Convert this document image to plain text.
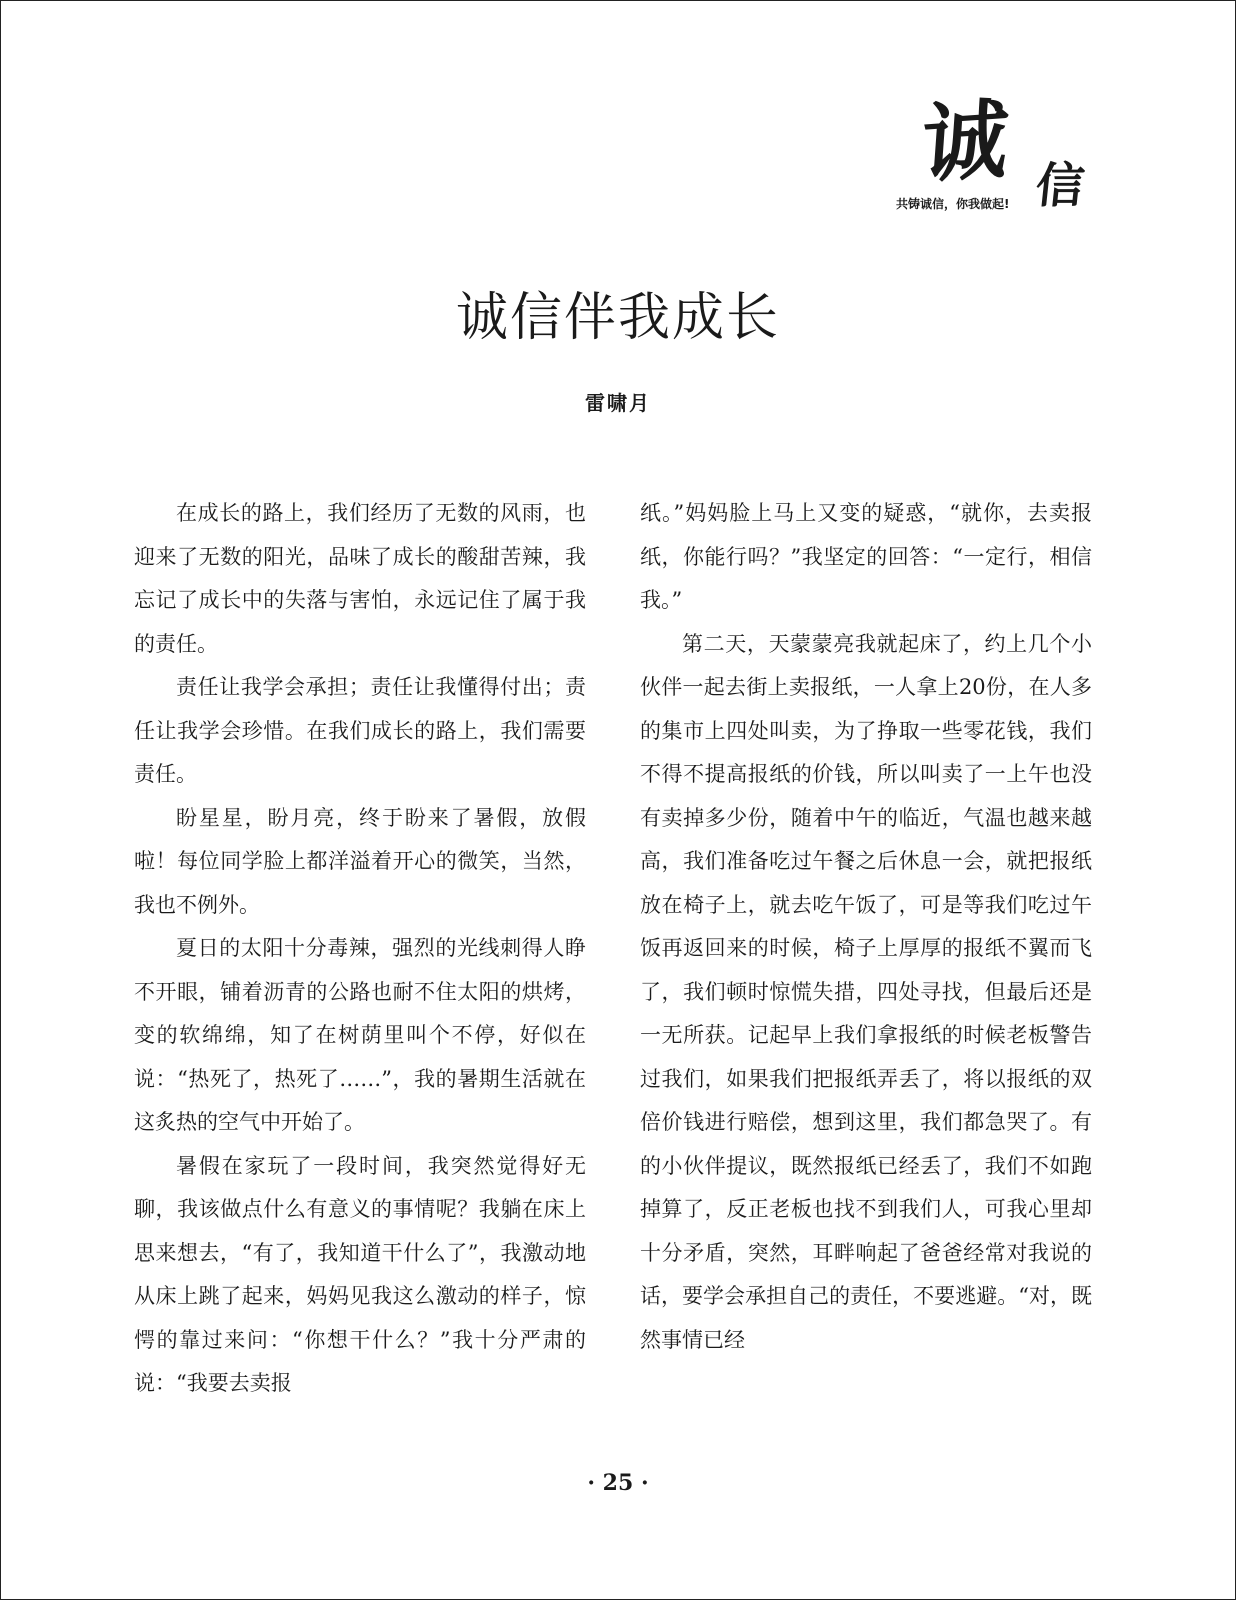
诚 信
共铸诚信，你我做起!
诚信伴我成长
雷啸月

在成长的路上，我们经历了无数的风雨，也迎来了无数的阳光，品味了成长的酸甜苦辣，我忘记了成长中的失落与害怕，永远记住了属于我的责任。

责任让我学会承担；责任让我懂得付出；责任让我学会珍惜。在我们成长的路上，我们需要责任。

盼星星，盼月亮，终于盼来了暑假，放假啦！每位同学脸上都洋溢着开心的微笑，当然，我也不例外。

夏日的太阳十分毒辣，强烈的光线刺得人睁不开眼，铺着沥青的公路也耐不住太阳的烘烤，变的软绵绵，知了在树荫里叫个不停，好似在说：“热死了，热死了……”，我的暑期生活就在这炙热的空气中开始了。

暑假在家玩了一段时间，我突然觉得好无聊，我该做点什么有意义的事情呢？我躺在床上思来想去，“有了，我知道干什么了”，我激动地从床上跳了起来，妈妈见我这么激动的样子，惊愕的靠过来问：“你想干什么？”我十分严肃的说：“我要去卖报

纸。”妈妈脸上马上又变的疑惑，“就你，去卖报纸，你能行吗？”我坚定的回答：“一定行，相信我。”

第二天，天蒙蒙亮我就起床了，约上几个小伙伴一起去街上卖报纸，一人拿上20份，在人多的集市上四处叫卖，为了挣取一些零花钱，我们不得不提高报纸的价钱，所以叫卖了一上午也没有卖掉多少份，随着中午的临近，气温也越来越高，我们准备吃过午餐之后休息一会，就把报纸放在椅子上，就去吃午饭了，可是等我们吃过午饭再返回来的时候，椅子上厚厚的报纸不翼而飞了，我们顿时惊慌失措，四处寻找，但最后还是一无所获。记起早上我们拿报纸的时候老板警告过我们，如果我们把报纸弄丢了，将以报纸的双倍价钱进行赔偿，想到这里，我们都急哭了。有的小伙伴提议，既然报纸已经丢了，我们不如跑掉算了，反正老板也找不到我们人，可我心里却十分矛盾，突然，耳畔响起了爸爸经常对我说的话，要学会承担自己的责任，不要逃避。“对，既然事情已经

· 25 ·
